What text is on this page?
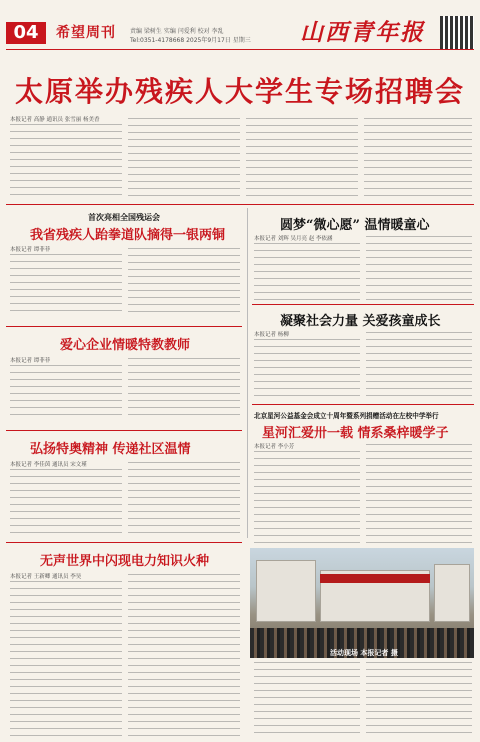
04	希望周刊 责编 梁树生 实编 闫爱利 校对 李乱
Tel:0351-4178668 2025年9月17日 星期三 山西青年报
太原举办残疾人大学生专场招聘会
本报记者 高静 通讯员 张雪丽 杨美香
首次亮相全国残运会
我省残疾人跆拳道队摘得一银两铜
本报记者 谭菲菲
爱心企业情暖特教教师
本报记者 谭菲菲
弘扬特奥精神 传递社区温情
本报记者 李佳茵 通讯员 宋文瑾
无声世界中闪现电力知识火种
本报记者 王新卿 通讯员 李昊
圆梦“微心愿” 温情暖童心
本报记者 刘辉 吴月亮 赵 李依涵
凝聚社会力量 关爱孩童成长
本报记者 杨柳
北京星河公益基金会成立十周年暨系列捐赠活动在左校中学举行
星河汇爱卅一载 情系桑梓暖学子
活动现场 本报记者 摄
本报记者 李小芳
